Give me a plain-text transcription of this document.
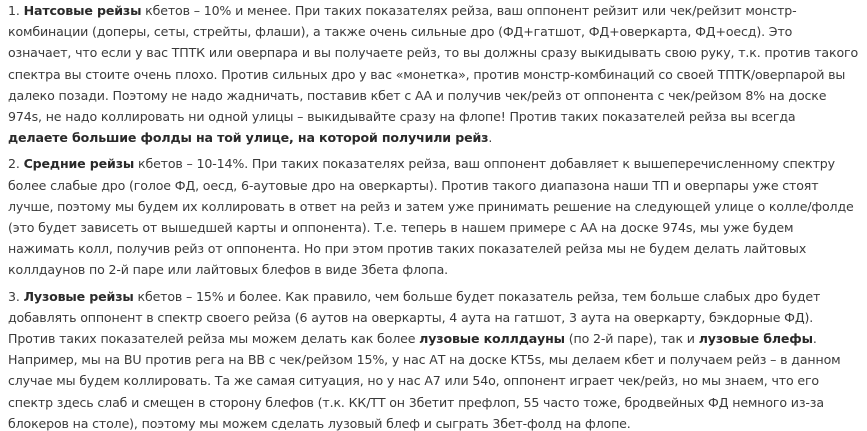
1. Натсовые рейзы кбетов – 10% и менее. При таких показателях рейза, ваш оппонент рейзит или чек/рейзит монстр-комбинации (доперы, сеты, стрейты, флаши), а также очень сильные дро (ФД+гатшот, ФД+оверкарта, ФД+оесд). Это означает, что если у вас ТПТК или оверпара и вы получаете рейз, то вы должны сразу выкидывать свою руку, т.к. против такого спектра вы стоите очень плохо. Против сильных дро у вас «монетка», против монстр-комбинаций со своей ТПТК/оверпарой вы далеко позади. Поэтому не надо жадничать, поставив кбет с АА и получив чек/рейз от оппонента с чек/рейзом 8% на доске 974s, не надо коллировать ни одной улицы – выкидывайте сразу на флопе! Против таких показателей рейза вы всегда делаете большие фолды на той улице, на которой получили рейз.

2. Средние рейзы кбетов – 10-14%. При таких показателях рейза, ваш оппонент добавляет к вышеперечисленному спектру более слабые дро (голое ФД, оесд, 6-аутовые дро на оверкарты). Против такого диапазона наши ТП и оверпары уже стоят лучше, поэтому мы будем их коллировать в ответ на рейз и затем уже принимать решение на следующей улице о колле/фолде (это будет зависеть от вышедшей карты и оппонента). Т.е. теперь в нашем примере с АА на доске 974s, мы уже будем нажимать колл, получив рейз от оппонента. Но при этом против таких показателей рейза мы не будем делать лайтовых коллдаунов по 2-й паре или лайтовых блефов в виде 3бета флопа.

3. Лузовые рейзы кбетов – 15% и более. Как правило, чем больше будет показатель рейза, тем больше слабых дро будет добавлять оппонент в спектр своего рейза (6 аутов на оверкарты, 4 аута на гатшот, 3 аута на оверкарту, бэкдорные ФД). Против таких показателей рейза мы можем делать как более лузовые коллдауны (по 2-й паре), так и лузовые блефы. Например, мы на BU против рега на BB с чек/рейзом 15%, у нас АТ на доске КТ5s, мы делаем кбет и получаем рейз – в данном случае мы будем коллировать. Та же самая ситуация, но у нас А7 или 54о, оппонент играет чек/рейз, но мы знаем, что его спектр здесь слаб и смещен в сторону блефов (т.к. КК/ТТ он 3бетит префлоп, 55 часто тоже, бродвейных ФД немного из-за блокеров на столе), поэтому мы можем сделать лузовый блеф и сыграть 3бет-фолд на флопе.
